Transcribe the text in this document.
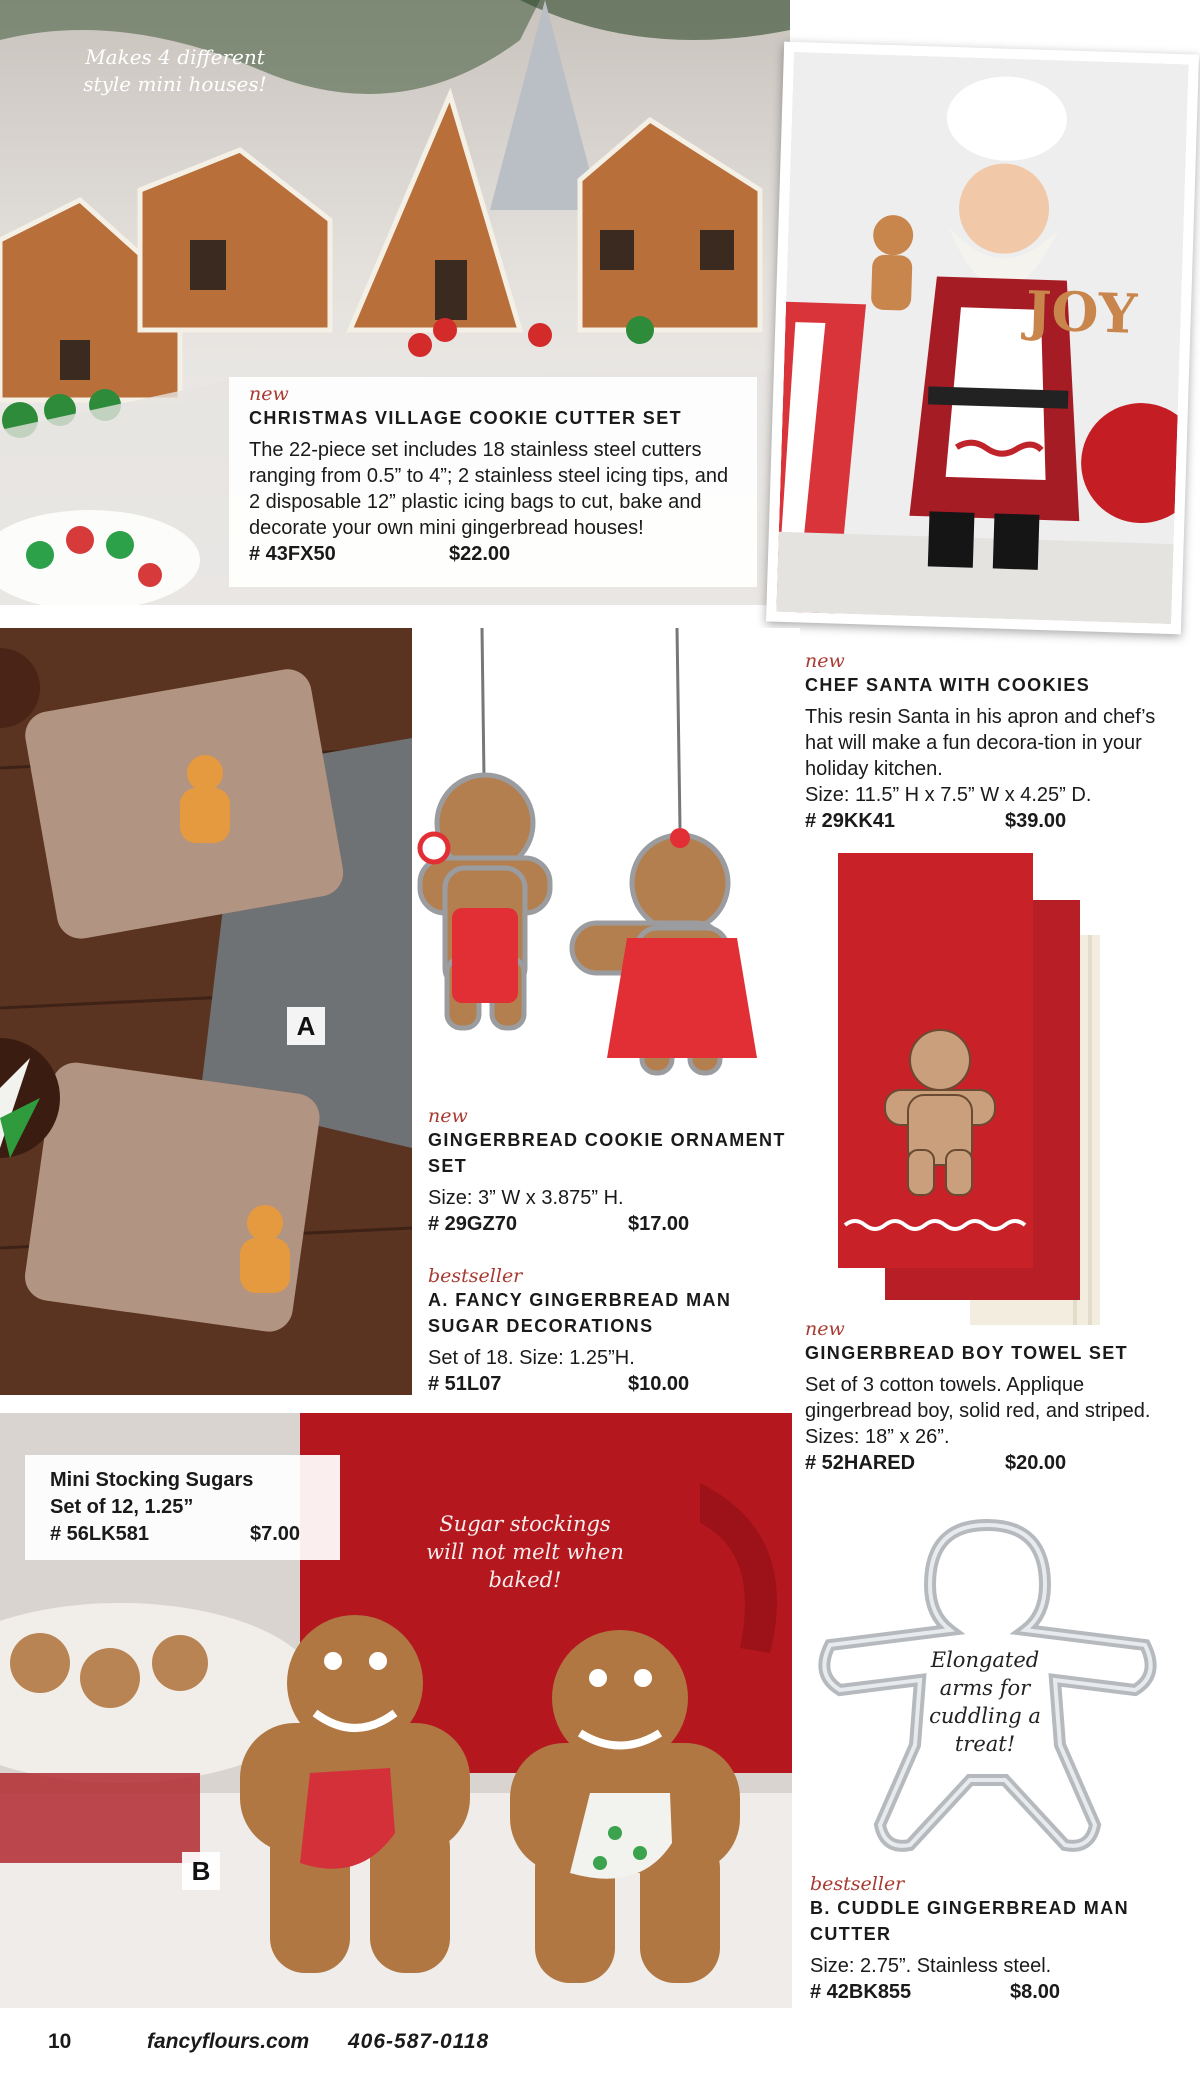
Makes 4 different style mini houses!
new
CHRISTMAS VILLAGE COOKIE CUTTER SET
The 22-piece set includes 18 stainless steel cutters ranging from 0.5” to 4”; 2 stainless steel icing tips, and 2 disposable 12” plastic icing bags to cut, bake and decorate your own mini gingerbread houses!
# 43FX50	$22.00
JOY
new
CHEF SANTA WITH COOKIES
This resin Santa in his apron and chef’s hat will make a fun decora-tion in your holiday kitchen.
Size: 11.5” H x 7.5” W x 4.25” D.
# 29KK41	$39.00
A
new
GINGERBREAD COOKIE ORNAMENT SET
Size: 3” W x 3.875” H.
# 29GZ70	$17.00
bestseller
A. FANCY GINGERBREAD MAN SUGAR DECORATIONS
Set of 18. Size: 1.25”H.
# 51L07	$10.00
new
GINGERBREAD BOY TOWEL SET
Set of 3 cotton towels. Applique gingerbread boy, solid red, and striped. Sizes: 18” x 26”.
# 52HARED	$20.00
Sugar stockings will not melt when baked!
Mini Stocking Sugars
Set of 12, 1.25”
# 56LK581	$7.00
B
Elongated arms for cuddling a treat!
bestseller
B. CUDDLE GINGERBREAD MAN CUTTER
Size: 2.75”. Stainless steel.
# 42BK855	$8.00
10	fancyflours.com 406-587-0118
